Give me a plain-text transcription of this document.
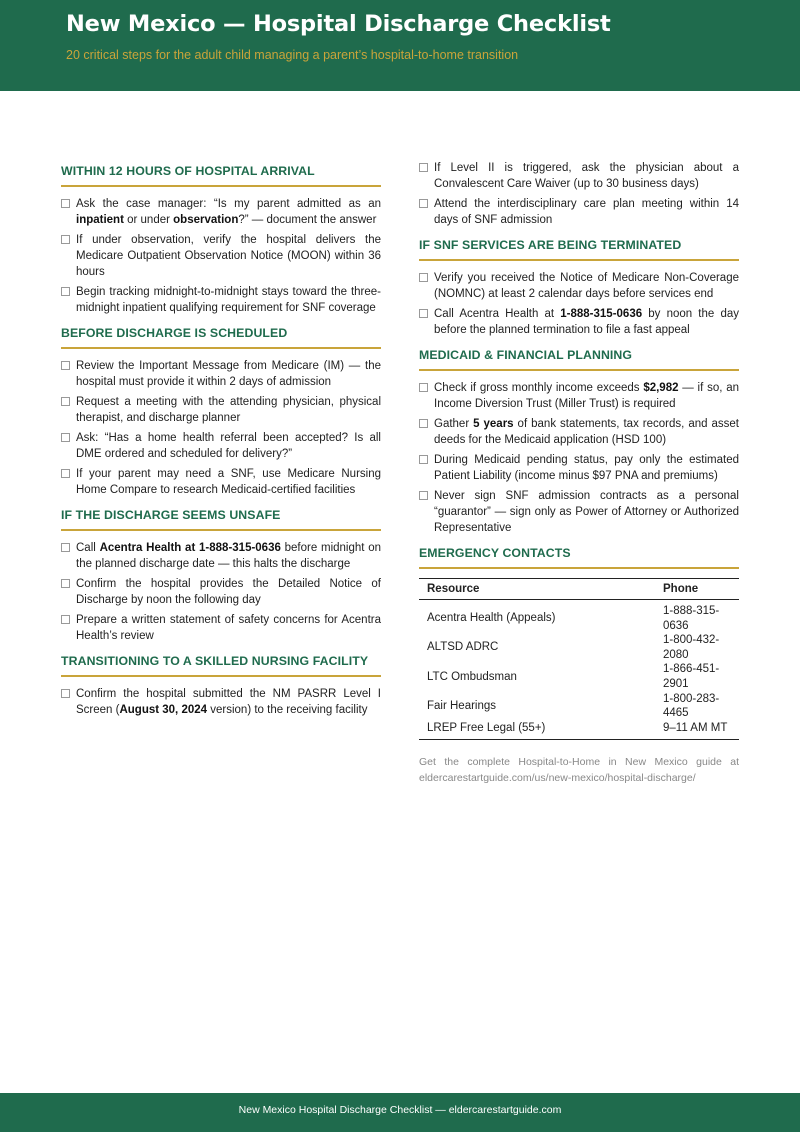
New Mexico — Hospital Discharge Checklist
20 critical steps for the adult child managing a parent’s hospital-to-home transition
WITHIN 12 HOURS OF HOSPITAL ARRIVAL
Ask the case manager: “Is my parent admitted as an inpatient or under observation?” — document the answer
If under observation, verify the hospital delivers the Medicare Outpatient Observation Notice (MOON) within 36 hours
Begin tracking midnight-to-midnight stays toward the three-midnight inpatient qualifying requirement for SNF coverage
BEFORE DISCHARGE IS SCHEDULED
Review the Important Message from Medicare (IM) — the hospital must provide it within 2 days of admission
Request a meeting with the attending physician, physical therapist, and discharge planner
Ask: “Has a home health referral been accepted? Is all DME ordered and scheduled for delivery?”
If your parent may need a SNF, use Medicare Nursing Home Compare to research Medicaid-certified facilities
IF THE DISCHARGE SEEMS UNSAFE
Call Acentra Health at 1-888-315-0636 before midnight on the planned discharge date — this halts the discharge
Confirm the hospital provides the Detailed Notice of Discharge by noon the following day
Prepare a written statement of safety concerns for Acentra Health’s review
TRANSITIONING TO A SKILLED NURSING FACILITY
Confirm the hospital submitted the NM PASRR Level I Screen (August 30, 2024 version) to the receiving facility
If Level II is triggered, ask the physician about a Convalescent Care Waiver (up to 30 business days)
Attend the interdisciplinary care plan meeting within 14 days of SNF admission
IF SNF SERVICES ARE BEING TERMINATED
Verify you received the Notice of Medicare Non-Coverage (NOMNC) at least 2 calendar days before services end
Call Acentra Health at 1-888-315-0636 by noon the day before the planned termination to file a fast appeal
MEDICAID & FINANCIAL PLANNING
Check if gross monthly income exceeds $2,982 — if so, an Income Diversion Trust (Miller Trust) is required
Gather 5 years of bank statements, tax records, and asset deeds for the Medicaid application (HSD 100)
During Medicaid pending status, pay only the estimated Patient Liability (income minus $97 PNA and premiums)
Never sign SNF admission contracts as a personal “guarantor” — sign only as Power of Attorney or Authorized Representative
EMERGENCY CONTACTS
Resource	Phone
Acentra Health (Appeals)	1-888-315-0636
ALTSD ADRC	1-800-432-2080
LTC Ombudsman	1-866-451-2901
Fair Hearings	1-800-283-4465
LREP Free Legal (55+)	9–11 AM MT
Get the complete Hospital-to-Home in New Mexico guide at eldercarestartguide.com/us/new-mexico/hospital-discharge/
New Mexico Hospital Discharge Checklist — eldercarestartguide.com
